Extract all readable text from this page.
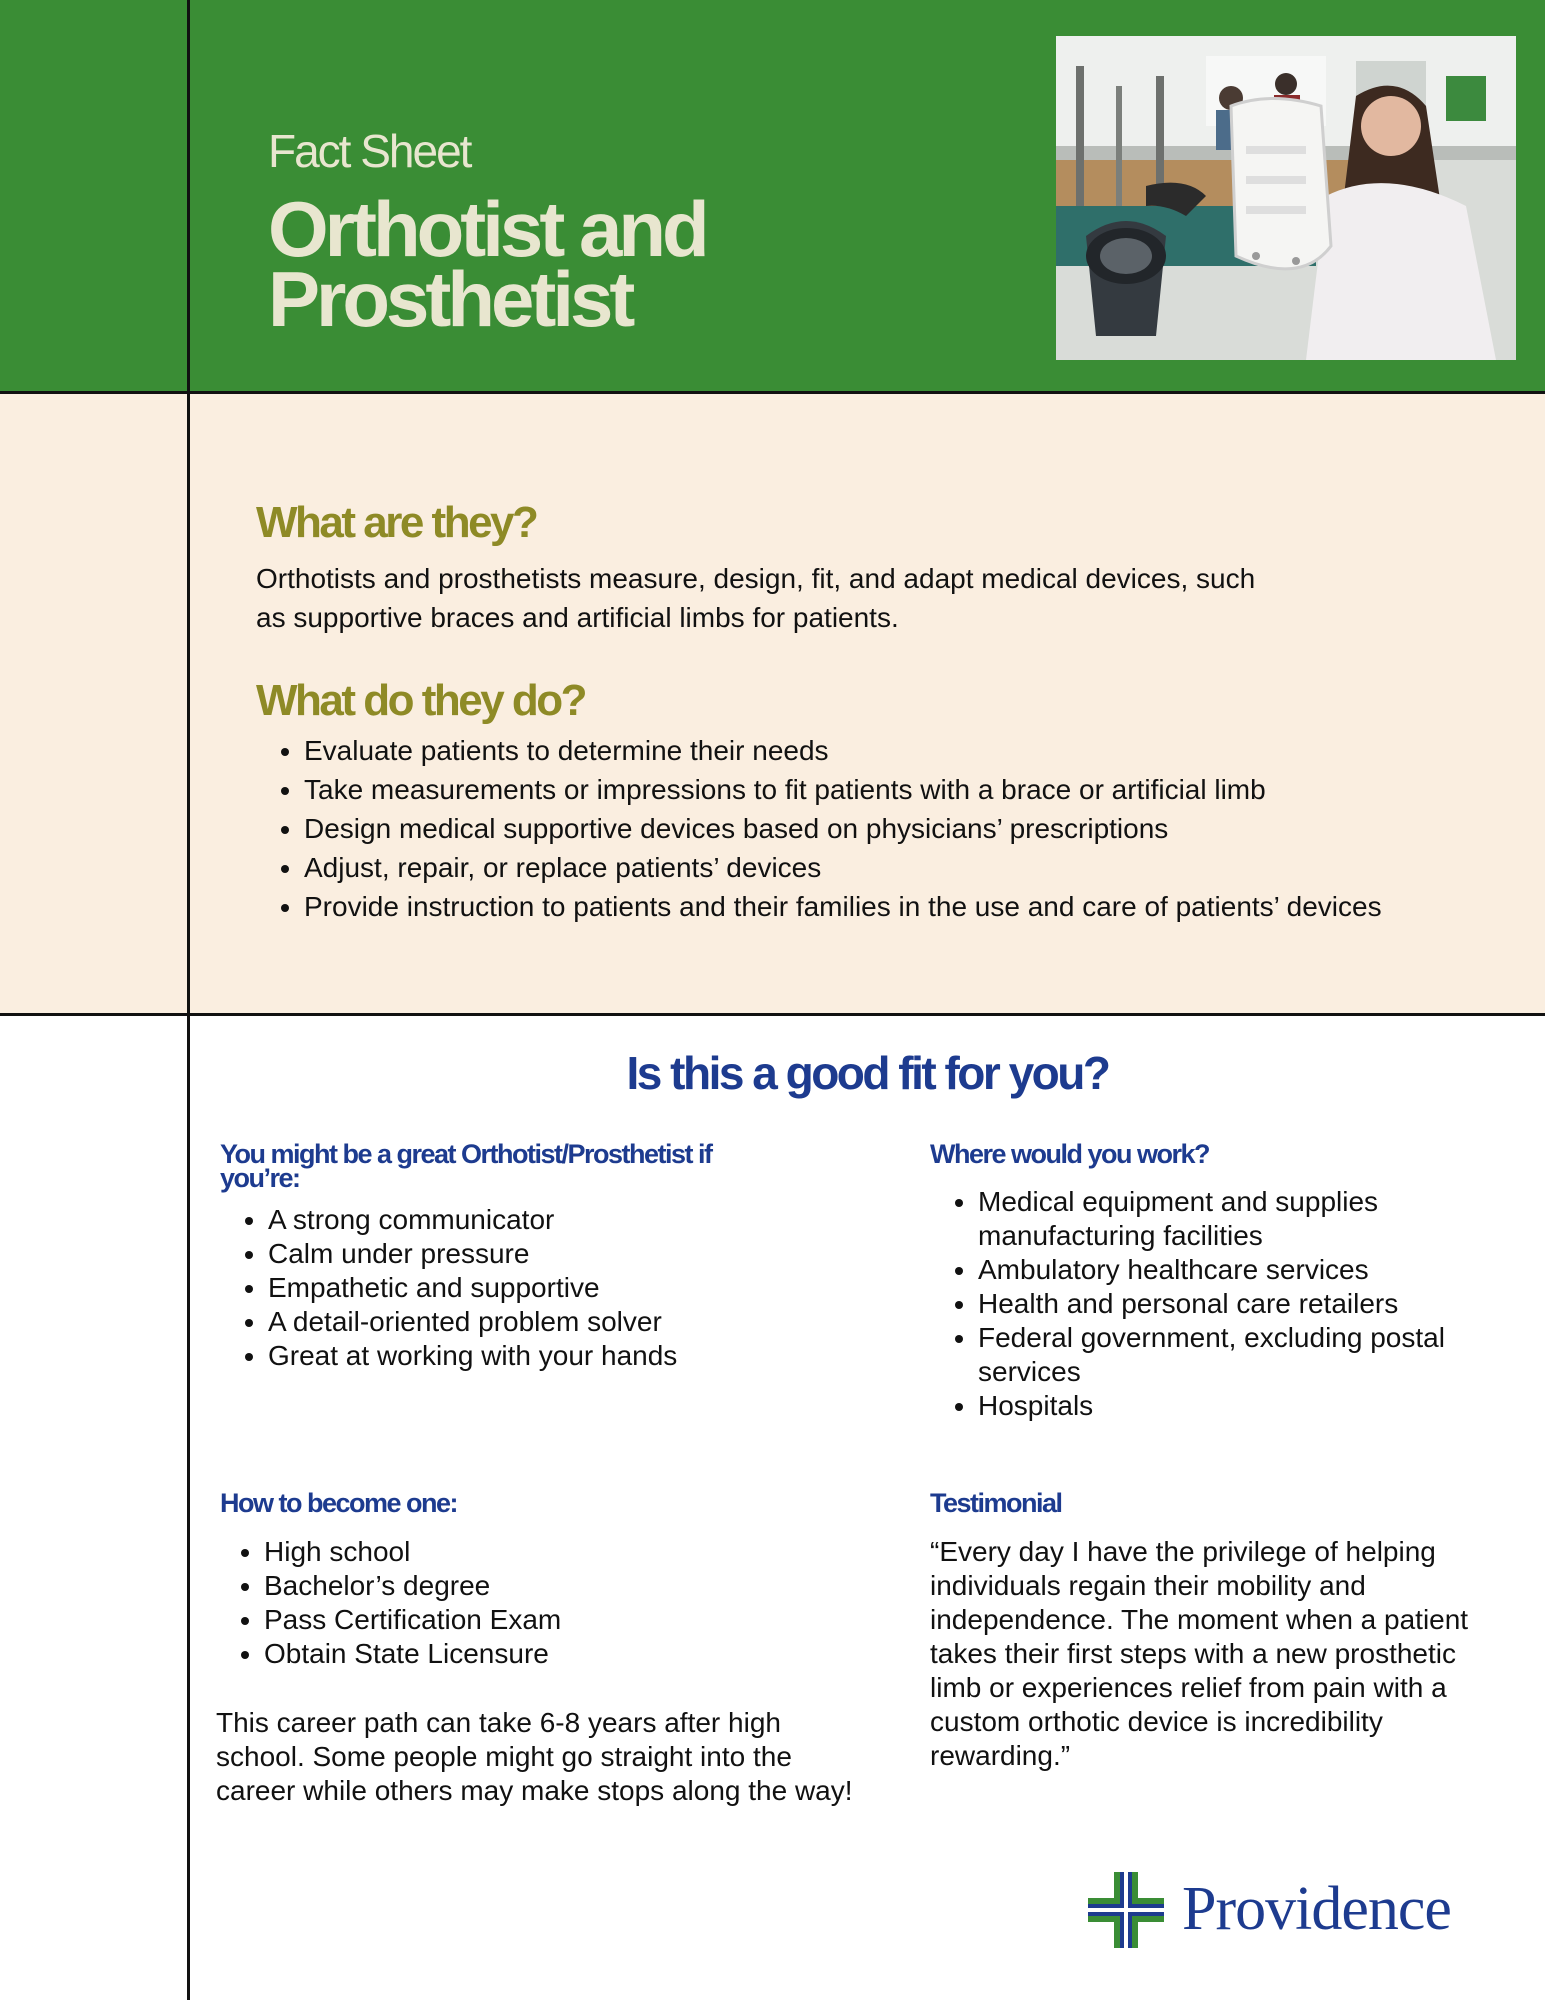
Fact Sheet
Orthotist and Prosthetist
What are they?
Orthotists and prosthetists measure, design, fit, and adapt medical devices, such as supportive braces and artificial limbs for patients.
What do they do?
• Evaluate patients to determine their needs
• Take measurements or impressions to fit patients with a brace or artificial limb
• Design medical supportive devices based on physicians’ prescriptions
• Adjust, repair, or replace patients’ devices
• Provide instruction to patients and their families in the use and care of patients’ devices
Is this a good fit for you?
You might be a great Orthotist/Prosthetist if you’re:
• A strong communicator
• Calm under pressure
• Empathetic and supportive
• A detail-oriented problem solver
• Great at working with your hands
Where would you work?
• Medical equipment and supplies manufacturing facilities
• Ambulatory healthcare services
• Health and personal care retailers
• Federal government, excluding postal services
• Hospitals
How to become one:
• High school
• Bachelor’s degree
• Pass Certification Exam
• Obtain State Licensure
This career path can take 6-8 years after high school. Some people might go straight into the career while others may make stops along the way!
Testimonial
“Every day I have the privilege of helping individuals regain their mobility and independence. The moment when a patient takes their first steps with a new prosthetic limb or experiences relief from pain with a custom orthotic device is incredibility rewarding.”
Providence
